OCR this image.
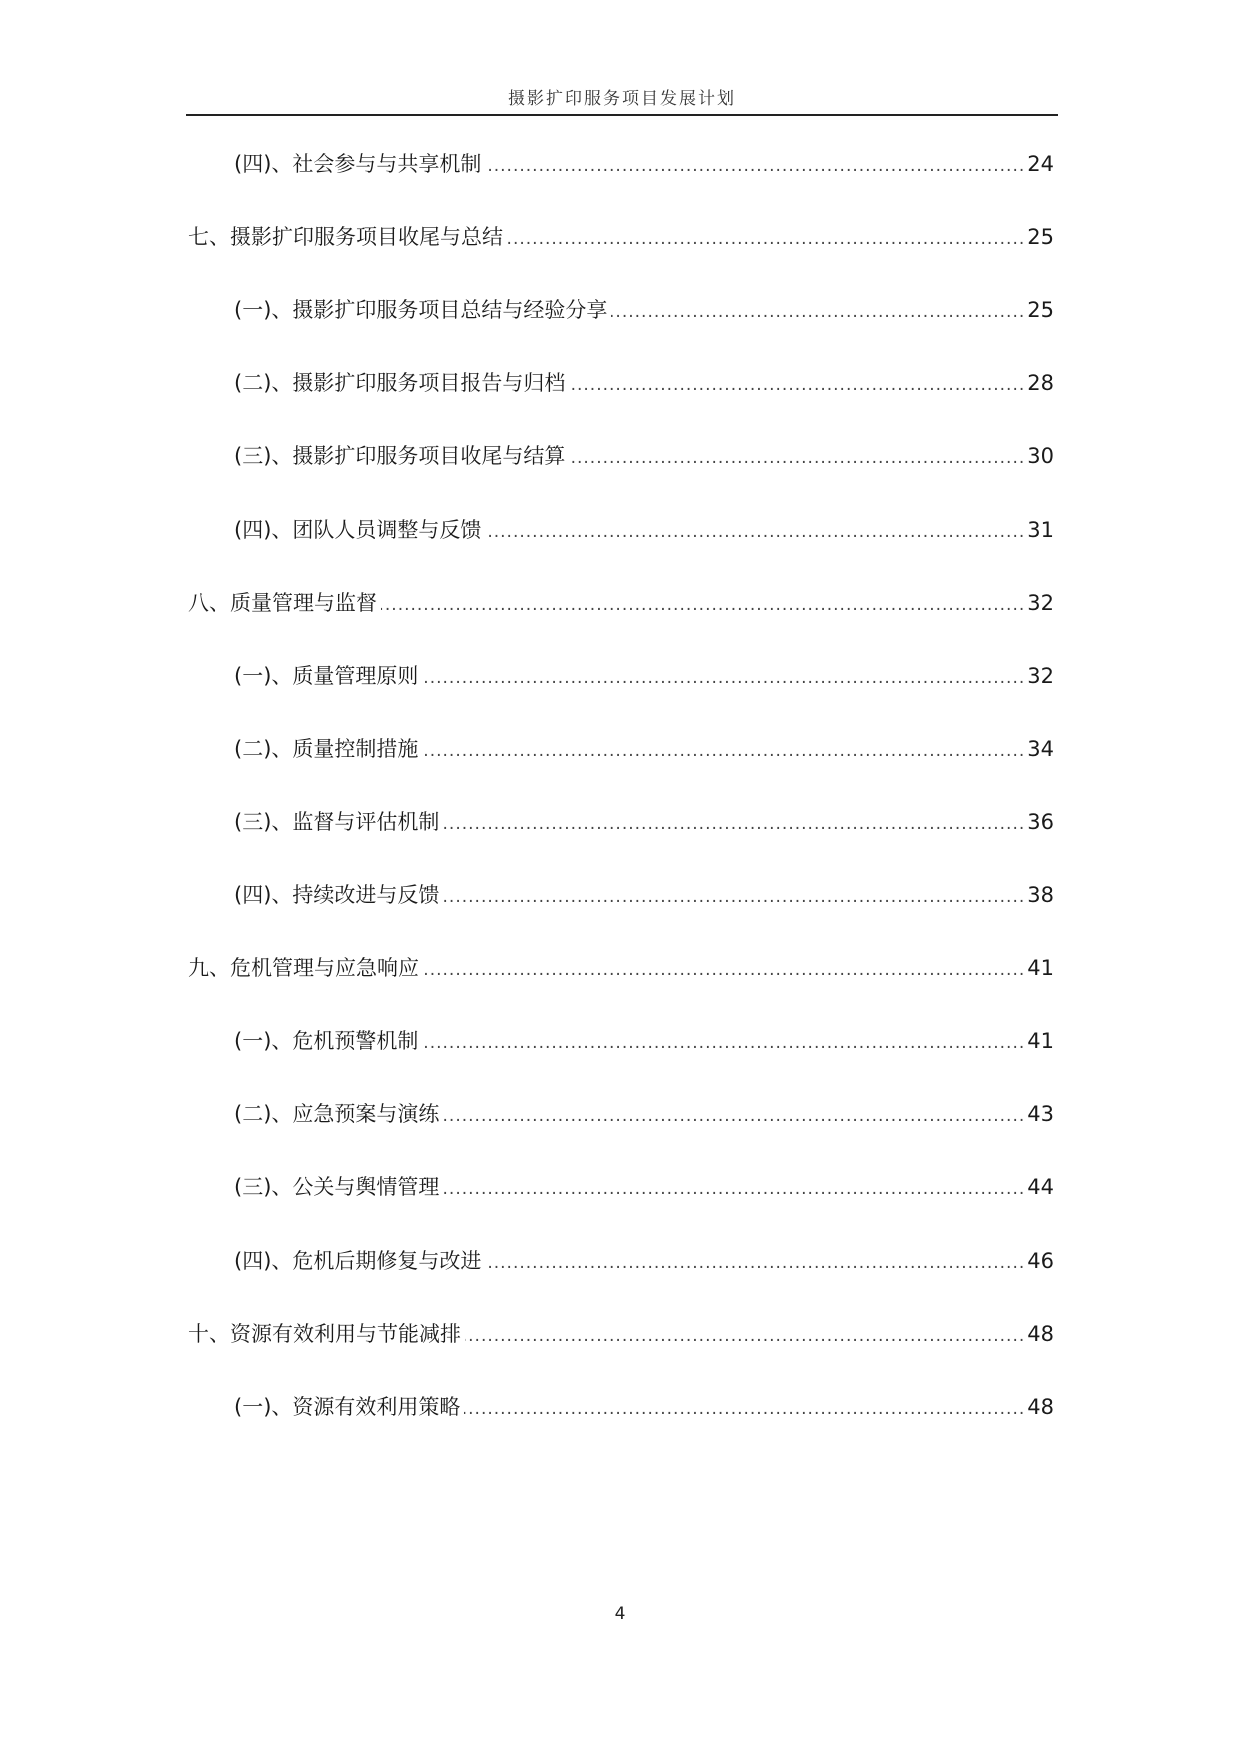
摄影扩印服务项目发展计划
(四)、社会参与与共享机制 .....	24
七、摄影扩印服务项目收尾与总结 .....	25
(一)、摄影扩印服务项目总结与经验分享 .....	25
(二)、摄影扩印服务项目报告与归档 .....	28
(三)、摄影扩印服务项目收尾与结算 .....	30
(四)、团队人员调整与反馈 .....	31
八、质量管理与监督 .....	32
(一)、质量管理原则 .....	32
(二)、质量控制措施 .....	34
(三)、监督与评估机制 .....	36
(四)、持续改进与反馈 .....	38
九、危机管理与应急响应 .....	41
(一)、危机预警机制 .....	41
(二)、应急预案与演练 .....	43
(三)、公关与舆情管理 .....	44
(四)、危机后期修复与改进 .....	46
十、资源有效利用与节能减排 .....	48
(一)、资源有效利用策略 .....	48
4
